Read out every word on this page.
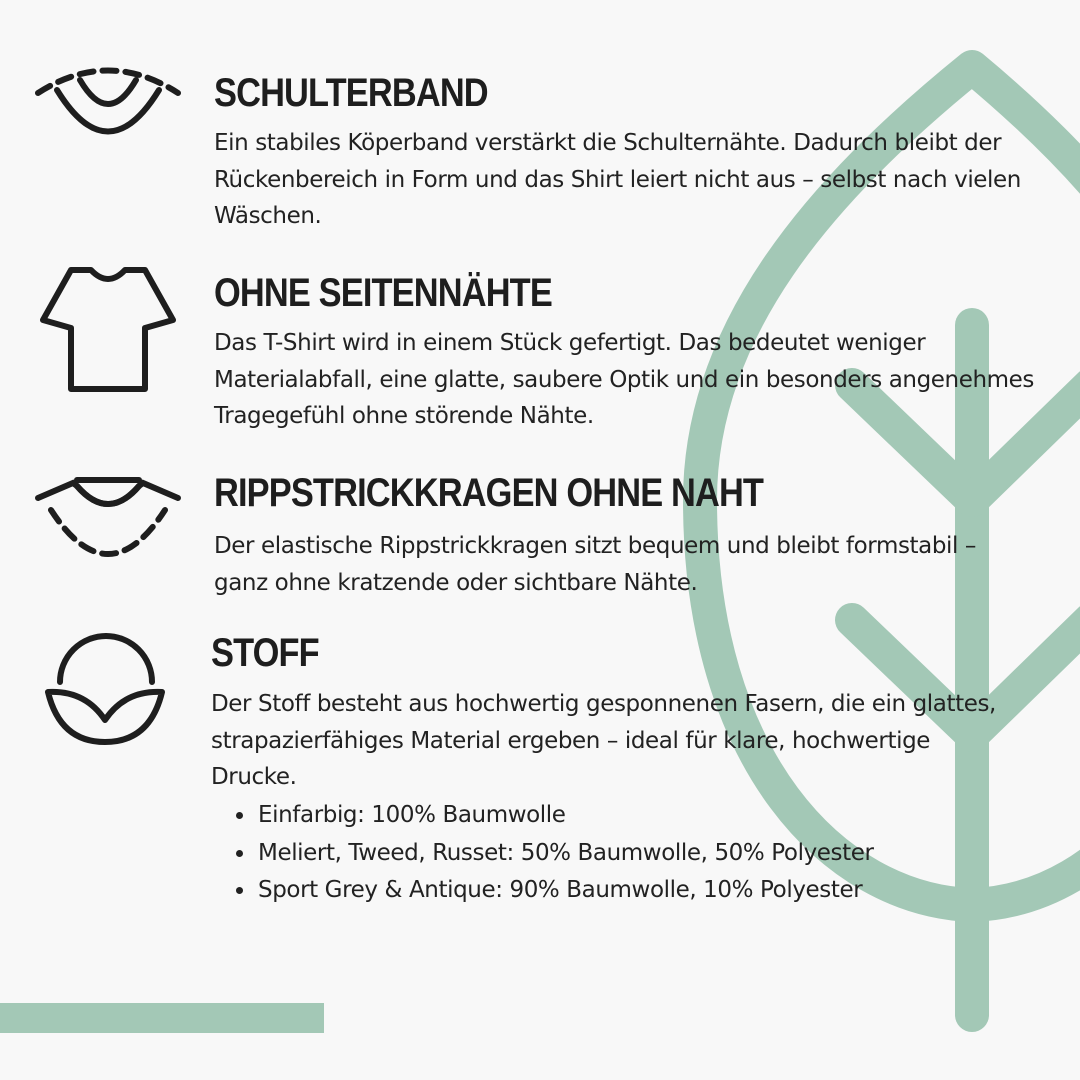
SCHULTERBAND

Ein stabiles Köperband verstärkt die Schulternähte. Dadurch bleibt der Rückenbereich in Form und das Shirt leiert nicht aus – selbst nach vielen Wäschen.

OHNE SEITENNÄHTE

Das T-Shirt wird in einem Stück gefertigt. Das bedeutet weniger Materialabfall, eine glatte, saubere Optik und ein besonders angenehmes Tragegefühl ohne störende Nähte.

RIPPSTRICKKRAGEN OHNE NAHT

Der elastische Rippstrickkragen sitzt bequem und bleibt formstabil – ganz ohne kratzende oder sichtbare Nähte.

STOFF

Der Stoff besteht aus hochwertig gesponnenen Fasern, die ein glattes, strapazierfähiges Material ergeben – ideal für klare, hochwertige Drucke.

• Einfarbig: 100% Baumwolle
• Meliert, Tweed, Russet: 50% Baumwolle, 50% Polyester
• Sport Grey & Antique: 90% Baumwolle, 10% Polyester
